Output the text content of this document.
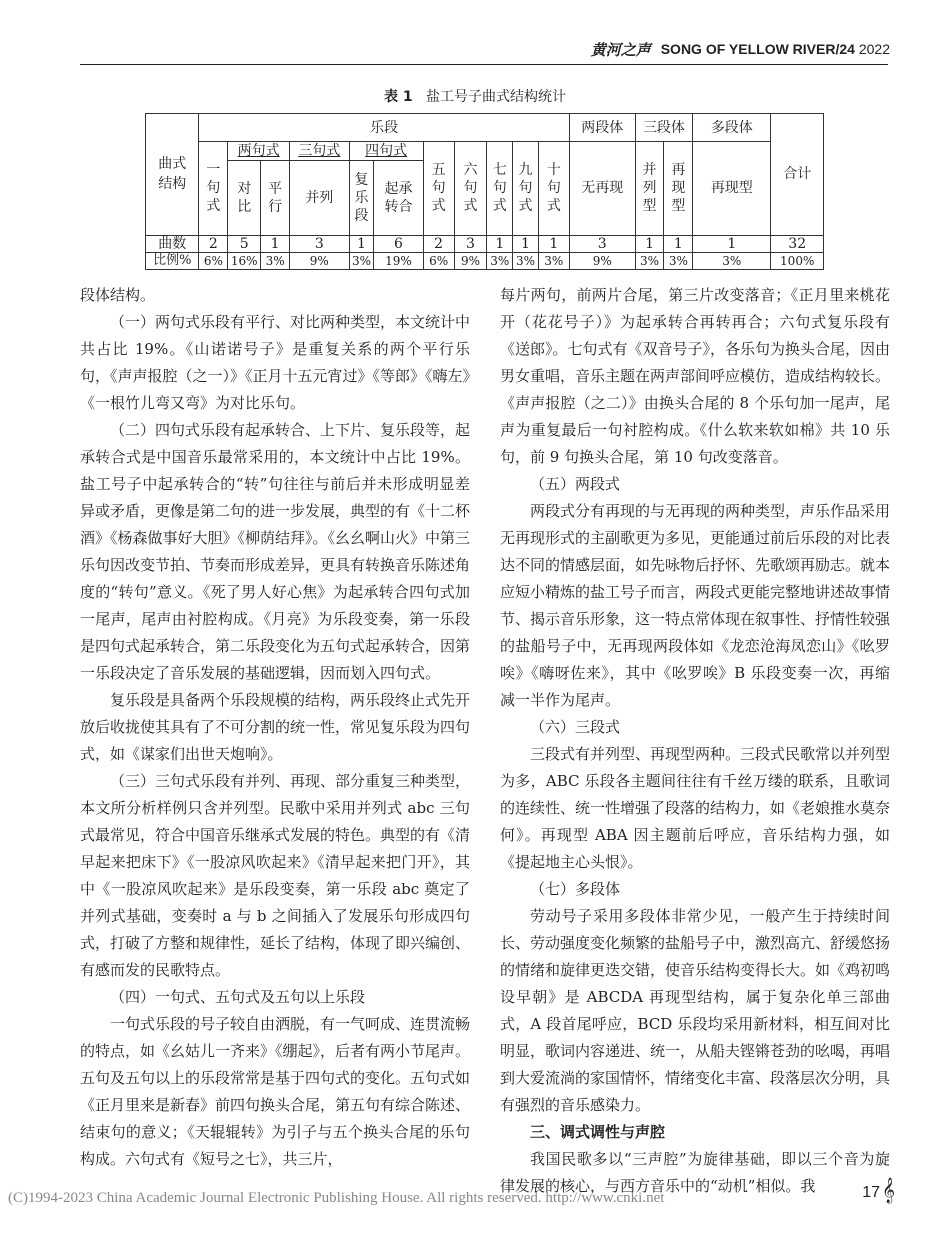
黄河之声 SONG OF YELLOW RIVER/24 2022
表 1 盐工号子曲式结构统计
曲式结构	乐段											两段体	三段体		多段体	合计

	一句式	两句式		三句式	四句式		五句式	六句式	七句式	九句式	十句式	无再现	并列型	再现型	再现型	

		对比	平行	并列	复乐段	起承转合										

曲数	2	5	1	3	1	6	2	3	1	1	1	3	1	1	1	32
比例%	6%	16%	3%	9%	3%	19%	6%	9%	3%	3%	3%	9%	3%	3%	3%	100%

段体结构。

（一）两句式乐段有平行、对比两种类型，本文统计中共占比 19%。《山诺诺号子》是重复关系的两个平行乐句，《声声报腔（之一）》《正月十五元宵过》《等郎》《嗨左》《一根竹儿弯又弯》为对比乐句。

（二）四句式乐段有起承转合、上下片、复乐段等，起承转合式是中国音乐最常采用的，本文统计中占比 19%。盐工号子中起承转合的“转”句往往与前后并未形成明显差异或矛盾，更像是第二句的进一步发展，典型的有《十二杯酒》《杨森做事好大胆》《柳荫结拜》。《幺幺啊山火》中第三乐句因改变节拍、节奏而形成差异，更具有转换音乐陈述角度的“转句”意义。《死了男人好心焦》为起承转合四句式加一尾声，尾声由衬腔构成。《月亮》为乐段变奏，第一乐段是四句式起承转合，第二乐段变化为五句式起承转合，因第一乐段决定了音乐发展的基础逻辑，因而划入四句式。

复乐段是具备两个乐段规模的结构，两乐段终止式先开放后收拢使其具有了不可分割的统一性，常见复乐段为四句式，如《谋家们出世天炮响》。

（三）三句式乐段有并列、再现、部分重复三种类型，本文所分析样例只含并列型。民歌中采用并列式 abc 三句式最常见，符合中国音乐继承式发展的特色。典型的有《清早起来把床下》《一股凉风吹起来》《清早起来把门开》，其中《一股凉风吹起来》是乐段变奏，第一乐段 abc 奠定了并列式基础，变奏时 a 与 b 之间插入了发展乐句形成四句式，打破了方整和规律性，延长了结构，体现了即兴编创、有感而发的民歌特点。

（四）一句式、五句式及五句以上乐段

一句式乐段的号子较自由洒脱，有一气呵成、连贯流畅的特点，如《幺姑儿一齐来》《绷起》，后者有两小节尾声。五句及五句以上的乐段常常是基于四句式的变化。五句式如《正月里来是新春》前四句换头合尾，第五句有综合陈述、结束句的意义；《天辊辊转》为引子与五个换头合尾的乐句构成。六句式有《短号之七》，共三片，

每片两句，前两片合尾，第三片改变落音；《正月里来桃花开（花花号子）》为起承转合再转再合；六句式复乐段有《送郎》。七句式有《双音号子》，各乐句为换头合尾，因由男女重唱，音乐主题在两声部间呼应模仿，造成结构较长。《声声报腔（之二）》由换头合尾的 8 个乐句加一尾声，尾声为重复最后一句衬腔构成。《什么软来软如棉》共 10 乐句，前 9 句换头合尾，第 10 句改变落音。

（五）两段式

两段式分有再现的与无再现的两种类型，声乐作品采用无再现形式的主副歌更为多见，更能通过前后乐段的对比表达不同的情感层面，如先咏物后抒怀、先歌颂再励志。就本应短小精炼的盐工号子而言，两段式更能完整地讲述故事情节、揭示音乐形象，这一特点常体现在叙事性、抒情性较强的盐船号子中，无再现两段体如《龙恋沧海凤恋山》《吆罗唉》《嗨呀佐来》，其中《吆罗唉》B 乐段变奏一次，再缩减一半作为尾声。

（六）三段式

三段式有并列型、再现型两种。三段式民歌常以并列型为多，ABC 乐段各主题间往往有千丝万缕的联系，且歌词的连续性、统一性增强了段落的结构力，如《老娘推水莫奈何》。再现型 ABA 因主题前后呼应，音乐结构力强，如《提起地主心头恨》。

（七）多段体

劳动号子采用多段体非常少见，一般产生于持续时间长、劳动强度变化频繁的盐船号子中，激烈高亢、舒缓悠扬的情绪和旋律更迭交错，使音乐结构变得长大。如《鸡初鸣设早朝》是 ABCDA 再现型结构，属于复杂化单三部曲式，A 段首尾呼应，BCD 乐段均采用新材料，相互间对比明显，歌词内容递进、统一，从船夫铿锵苍劲的吆喝，再唱到大爱流淌的家国情怀，情绪变化丰富、段落层次分明，具有强烈的音乐感染力。

三、调式调性与声腔

我国民歌多以“三声腔”为旋律基础，即以三个音为旋律发展的核心，与西方音乐中的“动机”相似。我

(C)1994-2023 China Academic Journal Electronic Publishing House. All rights reserved. http://www.cnki.net	17 𝄞
